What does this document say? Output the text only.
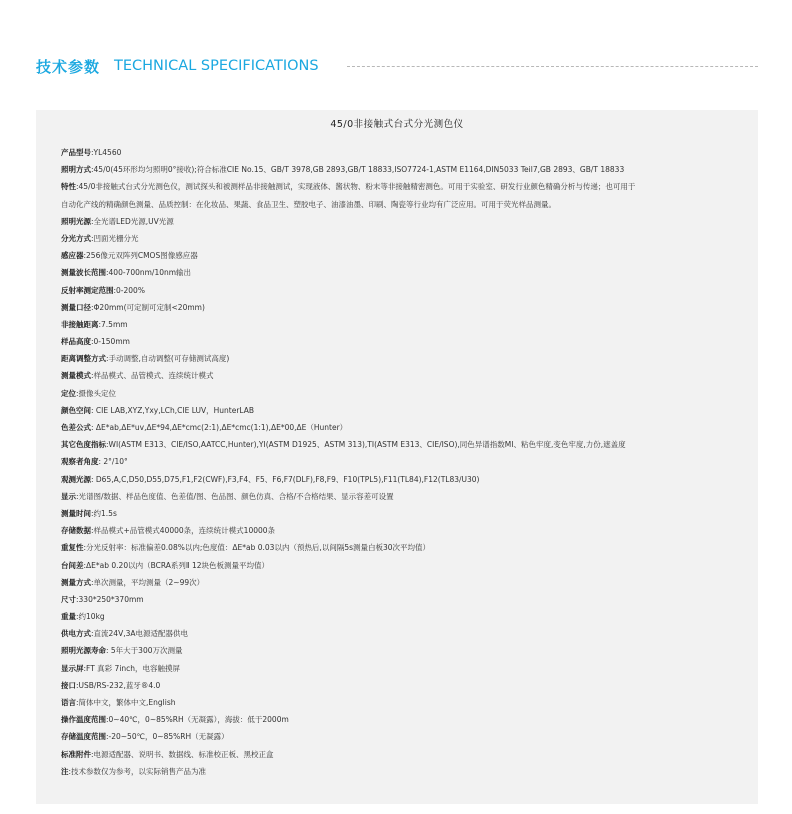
技术参数 TECHNICAL SPECIFICATIONS
45/0非接触式台式分光测色仪
产品型号:YL4560
照明方式:45/0(45环形均匀照明0°接收);符合标准CIE No.15、GB/T 3978,GB 2893,GB/T 18833,ISO7724-1,ASTM E1164,DIN5033 Teil7,GB 2893、GB/T 18833
特性:45/0非接触式台式分光测色仪，测试探头和被测样品非接触测试，实现液体、酱状物、粉末等非接触精密测色。可用于实验室、研发行业颜色精确分析与传递；也可用于
自动化产线的精确颜色测量、品质控制：在化妆品、果蔬、食品卫生、塑胶电子、油漆油墨、印刷、陶瓷等行业均有广泛应用。可用于荧光样品测量。
照明光源:全光谱LED光源,UV光源
分光方式:凹面光栅分光
感应器:256像元双阵列CMOS图像感应器
测量波长范围:400-700nm/10nm输出
反射率测定范围:0-200%
测量口径:Φ20mm(可定制可定制<20mm)
非接触距离:7.5mm
样品高度:0-150mm
距离调整方式:手动调整,自动调整(可存储测试高度)
测量模式:样品模式、品管模式、连续统计模式
定位:摄像头定位
颜色空间: CIE LAB,XYZ,Yxy,LCh,CIE LUV，HunterLAB
色差公式: ΔE*ab,ΔE*uv,ΔE*94,ΔE*cmc(2:1),ΔE*cmc(1:1),ΔE*00,ΔE（Hunter）
其它色度指标:WI(ASTM E313、CIE/ISO,AATCC,Hunter),YI(ASTM D1925、ASTM 313),TI(ASTM E313、CIE/ISO),同色异谱指数MI、粘色牢度,变色牢度,力份,遮盖度
观察者角度: 2°/10°
观测光源: D65,A,C,D50,D55,D75,F1,F2(CWF),F3,F4、F5、F6,F7(DLF),F8,F9、F10(TPL5),F11(TL84),F12(TL83/U30)
显示:光谱图/数据、样品色度值、色差值/图、色品图、颜色仿真、合格/不合格结果、显示容差可设置
测量时间:约1.5s
存储数据:样品模式+品管模式40000条，连续统计模式10000条
重复性:分光反射率：标准偏差0.08%以内;色度值：ΔE*ab 0.03以内（预热后,以间隔5s测量白板30次平均值）
台间差:ΔE*ab 0.20以内（BCRA系列Ⅱ 12块色板测量平均值）
测量方式:单次测量，平均测量（2~99次）
尺寸:330*250*370mm
重量:约10kg
供电方式:直流24V,3A电源适配器供电
照明光源寿命: 5年大于300万次测量
显示屏:FT 真彩 7inch，电容触摸屏
接口:USB/RS-232,蓝牙®4.0
语言:简体中文，繁体中文,English
操作温度范围:0~40℃，0~85%RH（无凝露），海拔：低于2000m
存储温度范围:-20~50℃，0~85%RH（无凝露）
标准附件:电源适配器、说明书、数据线、标准校正板、黑校正盒
注:技术参数仅为参考，以实际销售产品为准
